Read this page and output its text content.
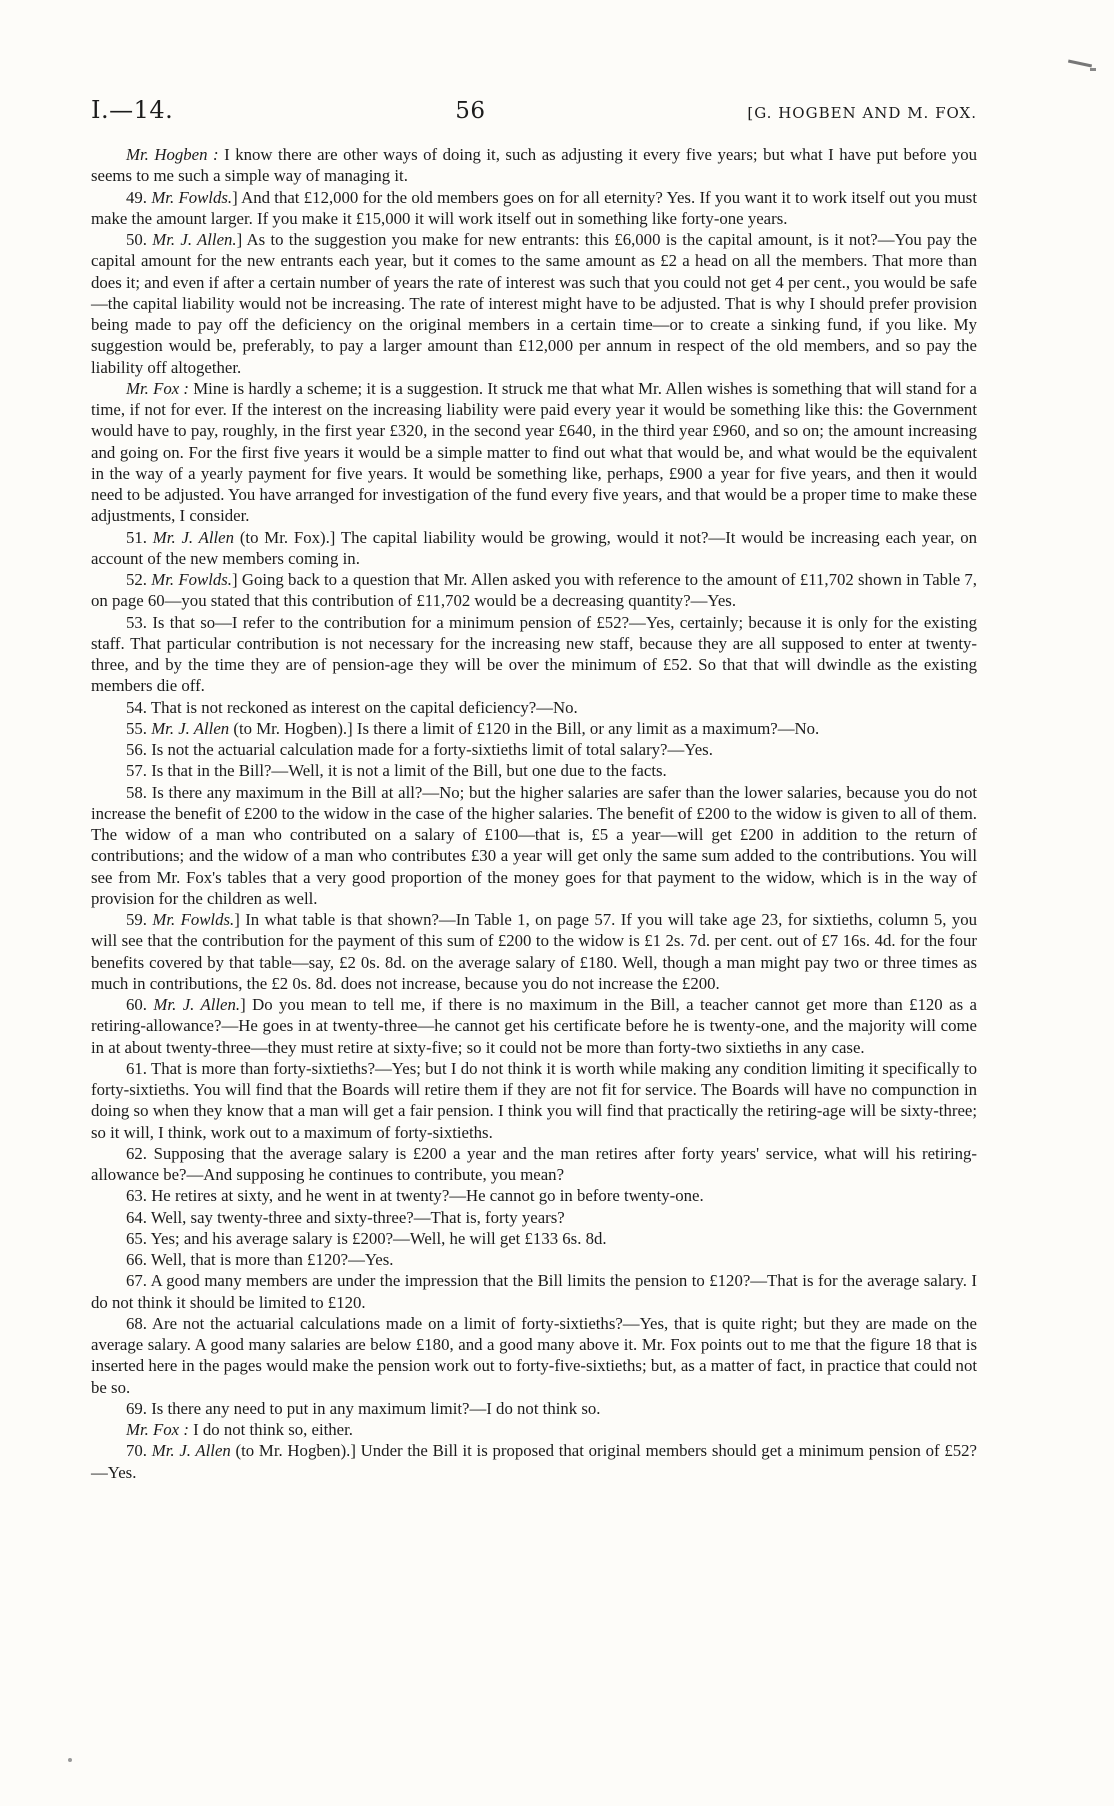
I.—14.	56	[G. HOGBEN AND M. FOX.

Mr. Hogben : I know there are other ways of doing it, such as adjusting it every five years; but what I have put before you seems to me such a simple way of managing it.

49. Mr. Fowlds.] And that £12,000 for the old members goes on for all eternity? Yes. If you want it to work itself out you must make the amount larger. If you make it £15,000 it will work itself out in something like forty-one years.

50. Mr. J. Allen.] As to the suggestion you make for new entrants: this £6,000 is the capital amount, is it not?—You pay the capital amount for the new entrants each year, but it comes to the same amount as £2 a head on all the members. That more than does it; and even if after a certain number of years the rate of interest was such that you could not get 4 per cent., you would be safe—the capital liability would not be increasing. The rate of interest might have to be adjusted. That is why I should prefer provision being made to pay off the deficiency on the original members in a certain time—or to create a sinking fund, if you like. My suggestion would be, preferably, to pay a larger amount than £12,000 per annum in respect of the old members, and so pay the liability off altogether.

Mr. Fox : Mine is hardly a scheme; it is a suggestion. It struck me that what Mr. Allen wishes is something that will stand for a time, if not for ever. If the interest on the increasing liability were paid every year it would be something like this: the Government would have to pay, roughly, in the first year £320, in the second year £640, in the third year £960, and so on; the amount increasing and going on. For the first five years it would be a simple matter to find out what that would be, and what would be the equivalent in the way of a yearly payment for five years. It would be something like, perhaps, £900 a year for five years, and then it would need to be adjusted. You have arranged for investigation of the fund every five years, and that would be a proper time to make these adjustments, I consider.

51. Mr. J. Allen (to Mr. Fox).] The capital liability would be growing, would it not?—It would be increasing each year, on account of the new members coming in.

52. Mr. Fowlds.] Going back to a question that Mr. Allen asked you with reference to the amount of £11,702 shown in Table 7, on page 60—you stated that this contribution of £11,702 would be a decreasing quantity?—Yes.

53. Is that so—I refer to the contribution for a minimum pension of £52?—Yes, certainly; because it is only for the existing staff. That particular contribution is not necessary for the increasing new staff, because they are all supposed to enter at twenty-three, and by the time they are of pension-age they will be over the minimum of £52. So that that will dwindle as the existing members die off.

54. That is not reckoned as interest on the capital deficiency?—No.

55. Mr. J. Allen (to Mr. Hogben).] Is there a limit of £120 in the Bill, or any limit as a maximum?—No.

56. Is not the actuarial calculation made for a forty-sixtieths limit of total salary?—Yes.

57. Is that in the Bill?—Well, it is not a limit of the Bill, but one due to the facts.

58. Is there any maximum in the Bill at all?—No; but the higher salaries are safer than the lower salaries, because you do not increase the benefit of £200 to the widow in the case of the higher salaries. The benefit of £200 to the widow is given to all of them. The widow of a man who contributed on a salary of £100—that is, £5 a year—will get £200 in addition to the return of contributions; and the widow of a man who contributes £30 a year will get only the same sum added to the contributions. You will see from Mr. Fox's tables that a very good proportion of the money goes for that payment to the widow, which is in the way of provision for the children as well.

59. Mr. Fowlds.] In what table is that shown?—In Table 1, on page 57. If you will take age 23, for sixtieths, column 5, you will see that the contribution for the payment of this sum of £200 to the widow is £1 2s. 7d. per cent. out of £7 16s. 4d. for the four benefits covered by that table—say, £2 0s. 8d. on the average salary of £180. Well, though a man might pay two or three times as much in contributions, the £2 0s. 8d. does not increase, because you do not increase the £200.

60. Mr. J. Allen.] Do you mean to tell me, if there is no maximum in the Bill, a teacher cannot get more than £120 as a retiring-allowance?—He goes in at twenty-three—he cannot get his certificate before he is twenty-one, and the majority will come in at about twenty-three—they must retire at sixty-five; so it could not be more than forty-two sixtieths in any case.

61. That is more than forty-sixtieths?—Yes; but I do not think it is worth while making any condition limiting it specifically to forty-sixtieths. You will find that the Boards will retire them if they are not fit for service. The Boards will have no compunction in doing so when they know that a man will get a fair pension. I think you will find that practically the retiring-age will be sixty-three; so it will, I think, work out to a maximum of forty-sixtieths.

62. Supposing that the average salary is £200 a year and the man retires after forty years' service, what will his retiring-allowance be?—And supposing he continues to contribute, you mean?

63. He retires at sixty, and he went in at twenty?—He cannot go in before twenty-one.

64. Well, say twenty-three and sixty-three?—That is, forty years?

65. Yes; and his average salary is £200?—Well, he will get £133 6s. 8d.

66. Well, that is more than £120?—Yes.

67. A good many members are under the impression that the Bill limits the pension to £120?—That is for the average salary. I do not think it should be limited to £120.

68. Are not the actuarial calculations made on a limit of forty-sixtieths?—Yes, that is quite right; but they are made on the average salary. A good many salaries are below £180, and a good many above it. Mr. Fox points out to me that the figure 18 that is inserted here in the pages would make the pension work out to forty-five-sixtieths; but, as a matter of fact, in practice that could not be so.

69. Is there any need to put in any maximum limit?—I do not think so.

Mr. Fox : I do not think so, either.

70. Mr. J. Allen (to Mr. Hogben).] Under the Bill it is proposed that original members should get a minimum pension of £52?—Yes.
